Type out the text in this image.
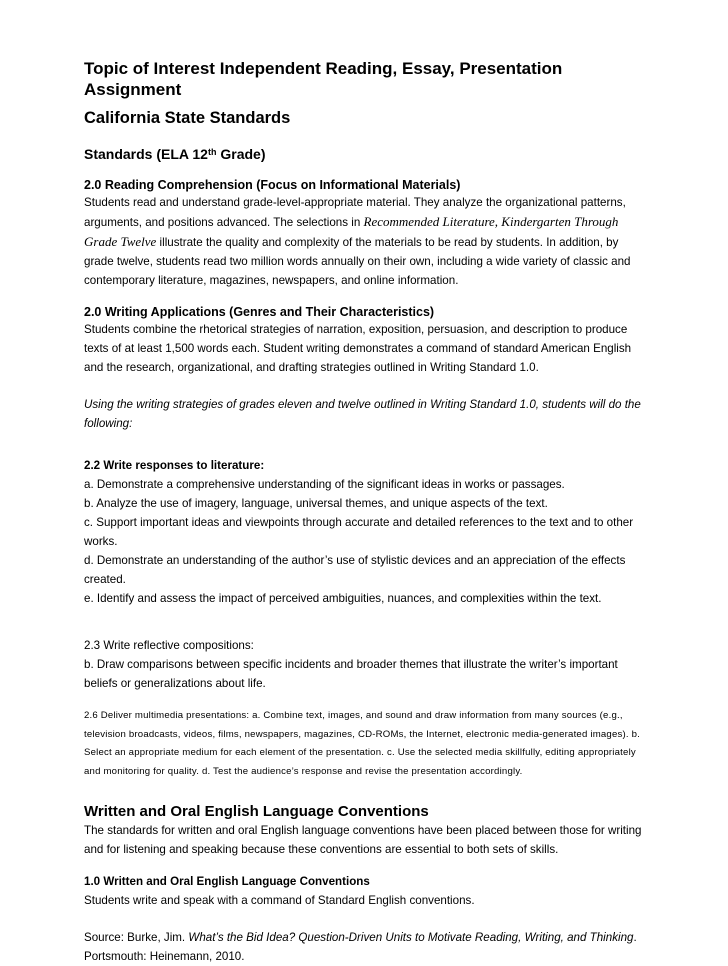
Topic of Interest Independent Reading, Essay, Presentation
Assignment
California State Standards
Standards (ELA 12th Grade)
2.0 Reading Comprehension (Focus on Informational Materials)

Students read and understand grade-level-appropriate material. They analyze the organizational patterns, arguments, and positions advanced. The selections in Recommended Literature, Kindergarten Through Grade Twelve illustrate the quality and complexity of the materials to be read by students. In addition, by grade twelve, students read two million words annually on their own, including a wide variety of classic and contemporary literature, magazines, newspapers, and online information.

2.0 Writing Applications (Genres and Their Characteristics)

Students combine the rhetorical strategies of narration, exposition, persuasion, and description to produce texts of at least 1,500 words each. Student writing demonstrates a command of standard American English and the research, organizational, and drafting strategies outlined in Writing Standard 1.0.

Using the writing strategies of grades eleven and twelve outlined in Writing Standard 1.0, students will do the following:

2.2 Write responses to literature:

a. Demonstrate a comprehensive understanding of the significant ideas in works or passages.

b. Analyze the use of imagery, language, universal themes, and unique aspects of the text.

c. Support important ideas and viewpoints through accurate and detailed references to the text and to other works.

d. Demonstrate an understanding of the author’s use of stylistic devices and an appreciation of the effects created.

e. Identify and assess the impact of perceived ambiguities, nuances, and complexities within the text.

2.3 Write reflective compositions:

b. Draw comparisons between specific incidents and broader themes that illustrate the writer’s important beliefs or generalizations about life.

2.6 Deliver multimedia presentations: a. Combine text, images, and sound and draw information from many sources (e.g., television broadcasts, videos, films, newspapers, magazines, CD-ROMs, the Internet, electronic media-generated images). b. Select an appropriate medium for each element of the presentation. c. Use the selected media skillfully, editing appropriately and monitoring for quality. d. Test the audience’s response and revise the presentation accordingly.

Written and Oral English Language Conventions

The standards for written and oral English language conventions have been placed between those for writing and for listening and speaking because these conventions are essential to both sets of skills.

1.0 Written and Oral English Language Conventions

Students write and speak with a command of Standard English conventions.

Source: Burke, Jim. What’s the Bid Idea? Question-Driven Units to Motivate Reading, Writing, and Thinking. Portsmouth: Heinemann, 2010.
